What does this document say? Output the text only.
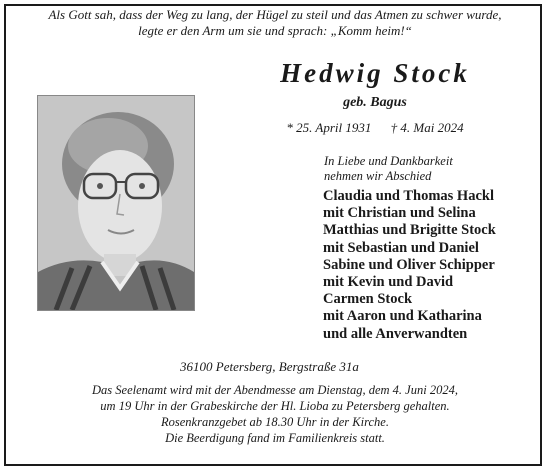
Als Gott sah, dass der Weg zu lang, der Hügel zu steil und das Atmen zu schwer wurde,
legte er den Arm um sie und sprach: „Komm heim!“
Hedwig Stock
geb. Bagus
* 25. April 1931 † 4. Mai 2024
In Liebe und Dankbarkeit
nehmen wir Abschied
Claudia und Thomas Hackl
mit Christian und Selina
Matthias und Brigitte Stock
mit Sebastian und Daniel
Sabine und Oliver Schipper
mit Kevin und David
Carmen Stock
mit Aaron und Katharina
und alle Anverwandten
36100 Petersberg, Bergstraße 31a
Das Seelenamt wird mit der Abendmesse am Dienstag, dem 4. Juni 2024,
um 19 Uhr in der Grabeskirche der Hl. Lioba zu Petersberg gehalten.
Rosenkranzgebet ab 18.30 Uhr in der Kirche.
Die Beerdigung fand im Familienkreis statt.
